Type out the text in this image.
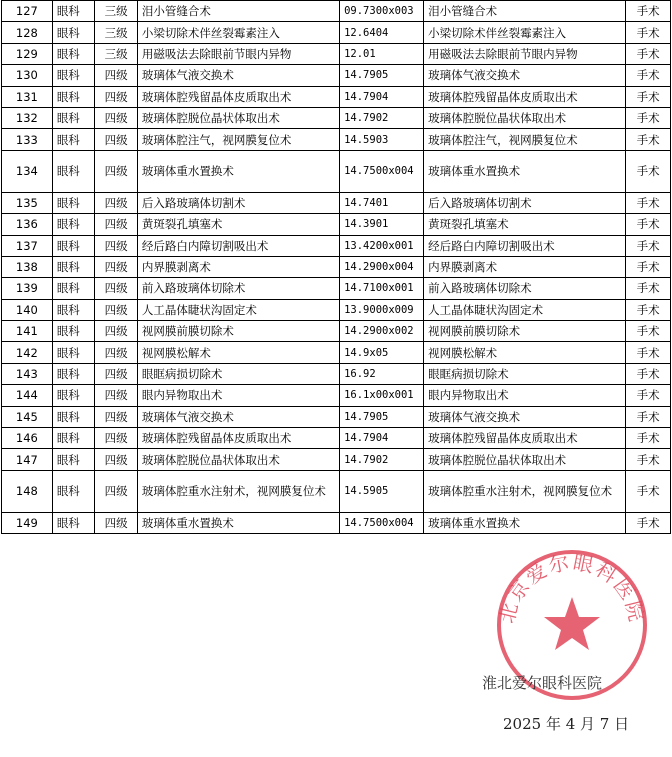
127	眼科	三级	泪小管缝合术	09.7300x003	泪小管缝合术	手术
128	眼科	三级	小梁切除术伴丝裂霉素注入	12.6404	小梁切除术伴丝裂霉素注入	手术
129	眼科	三级	用磁吸法去除眼前节眼内异物	12.01	用磁吸法去除眼前节眼内异物	手术
130	眼科	四级	玻璃体气液交换术	14.7905	玻璃体气液交换术	手术
131	眼科	四级	玻璃体腔残留晶体皮质取出术	14.7904	玻璃体腔残留晶体皮质取出术	手术
132	眼科	四级	玻璃体腔脱位晶状体取出术	14.7902	玻璃体腔脱位晶状体取出术	手术
133	眼科	四级	玻璃体腔注气，视网膜复位术	14.5903	玻璃体腔注气，视网膜复位术	手术
134	眼科	四级	玻璃体重水置换术	14.7500x004	玻璃体重水置换术	手术
135	眼科	四级	后入路玻璃体切割术	14.7401	后入路玻璃体切割术	手术
136	眼科	四级	黄斑裂孔填塞术	14.3901	黄斑裂孔填塞术	手术
137	眼科	四级	经后路白内障切割吸出术	13.4200x001	经后路白内障切割吸出术	手术
138	眼科	四级	内界膜剥离术	14.2900x004	内界膜剥离术	手术
139	眼科	四级	前入路玻璃体切除术	14.7100x001	前入路玻璃体切除术	手术
140	眼科	四级	人工晶体睫状沟固定术	13.9000x009	人工晶体睫状沟固定术	手术
141	眼科	四级	视网膜前膜切除术	14.2900x002	视网膜前膜切除术	手术
142	眼科	四级	视网膜松解术	14.9x05	视网膜松解术	手术
143	眼科	四级	眼眶病损切除术	16.92	眼眶病损切除术	手术
144	眼科	四级	眼内异物取出术	16.1x00x001	眼内异物取出术	手术
145	眼科	四级	玻璃体气液交换术	14.7905	玻璃体气液交换术	手术
146	眼科	四级	玻璃体腔残留晶体皮质取出术	14.7904	玻璃体腔残留晶体皮质取出术	手术
147	眼科	四级	玻璃体腔脱位晶状体取出术	14.7902	玻璃体腔脱位晶状体取出术	手术
148	眼科	四级	玻璃体腔重水注射术，视网膜复位术	14.5905	玻璃体腔重水注射术，视网膜复位术	手术
149	眼科	四级	玻璃体重水置换术	14.7500x004	玻璃体重水置换术	手术
北京爱尔眼科医院
淮北爱尔眼科医院
2025 年 4 月 7 日
